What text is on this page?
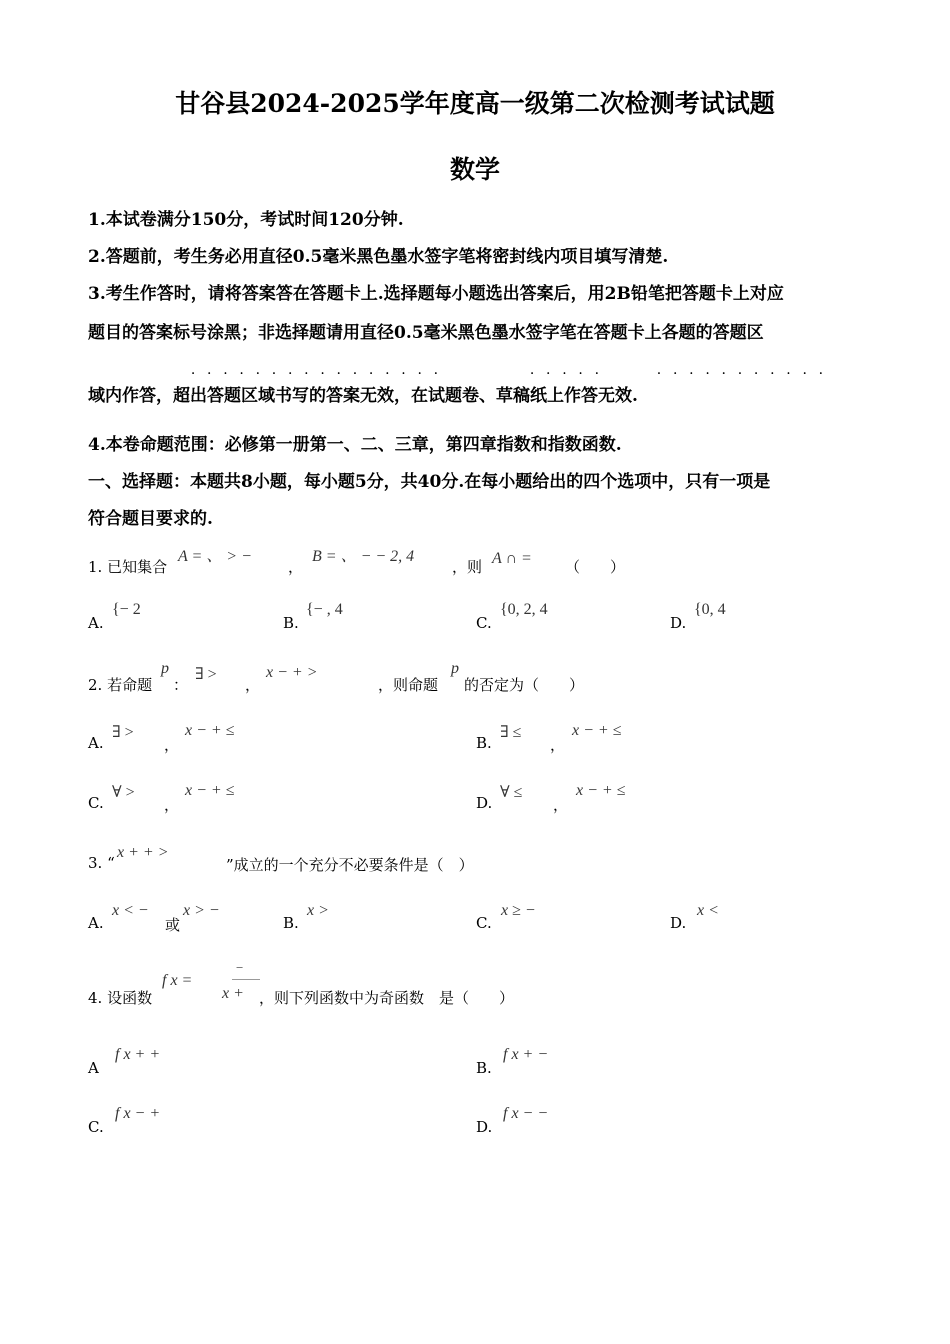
甘谷县2024-2025学年度高一级第二次检测考试试题
数学
1.本试卷满分150分，考试时间120分钟.
2.答题前，考生务必用直径0.5毫米黑色墨水签字笔将密封线内项目填写清楚.
3.考生作答时，请将答案答在答题卡上.选择题每小题选出答案后，用2B铅笔把答题卡上对应
题目的答案标号涂黑；非选择题请用直径0.5毫米黑色墨水签字笔在答题卡上各题的答题区
· · · · · · · · · · · · · · · ·	· · · · ·	· · · · · · · · · · ·
域内作答，超出答题区域书写的答案无效，在试题卷、草稿纸上作答无效.
4.本卷命题范围：必修第一册第一、二、三章，第四章指数和指数函数.
一、选择题：本题共8小题，每小题5分，共40分.在每小题给出的四个选项中，只有一项是
符合题目要求的.
1. 已知集合
A = 、 > −
，
B = 、 − − 2, 4
，则 A ∩ = （　　）
A.
{− 2
B.
{− , 4
C.
{0, 2, 4
D.
{0, 4
2. 若命题
p
：
∃ >
，
x − + >
，则命题
p
的否定为（　　）
A.
∃ >
，
x − + ≤
B.
∃ ≤
，
x − + ≤
C.
∀ >
，
x − + ≤
D.
∀ ≤
，
x − + ≤
3. “
x + + >
”成立的一个充分不必要条件是（　）
A.
x < −
或
x > −
B.
x >
C.
x ≥ −
D.
x <
4. 设函数
f x =
−
x + ，则下列函数中为奇函数　是（　　）
A
f x + +
B.
f x + −
C.
f x − +
D.
f x − −
